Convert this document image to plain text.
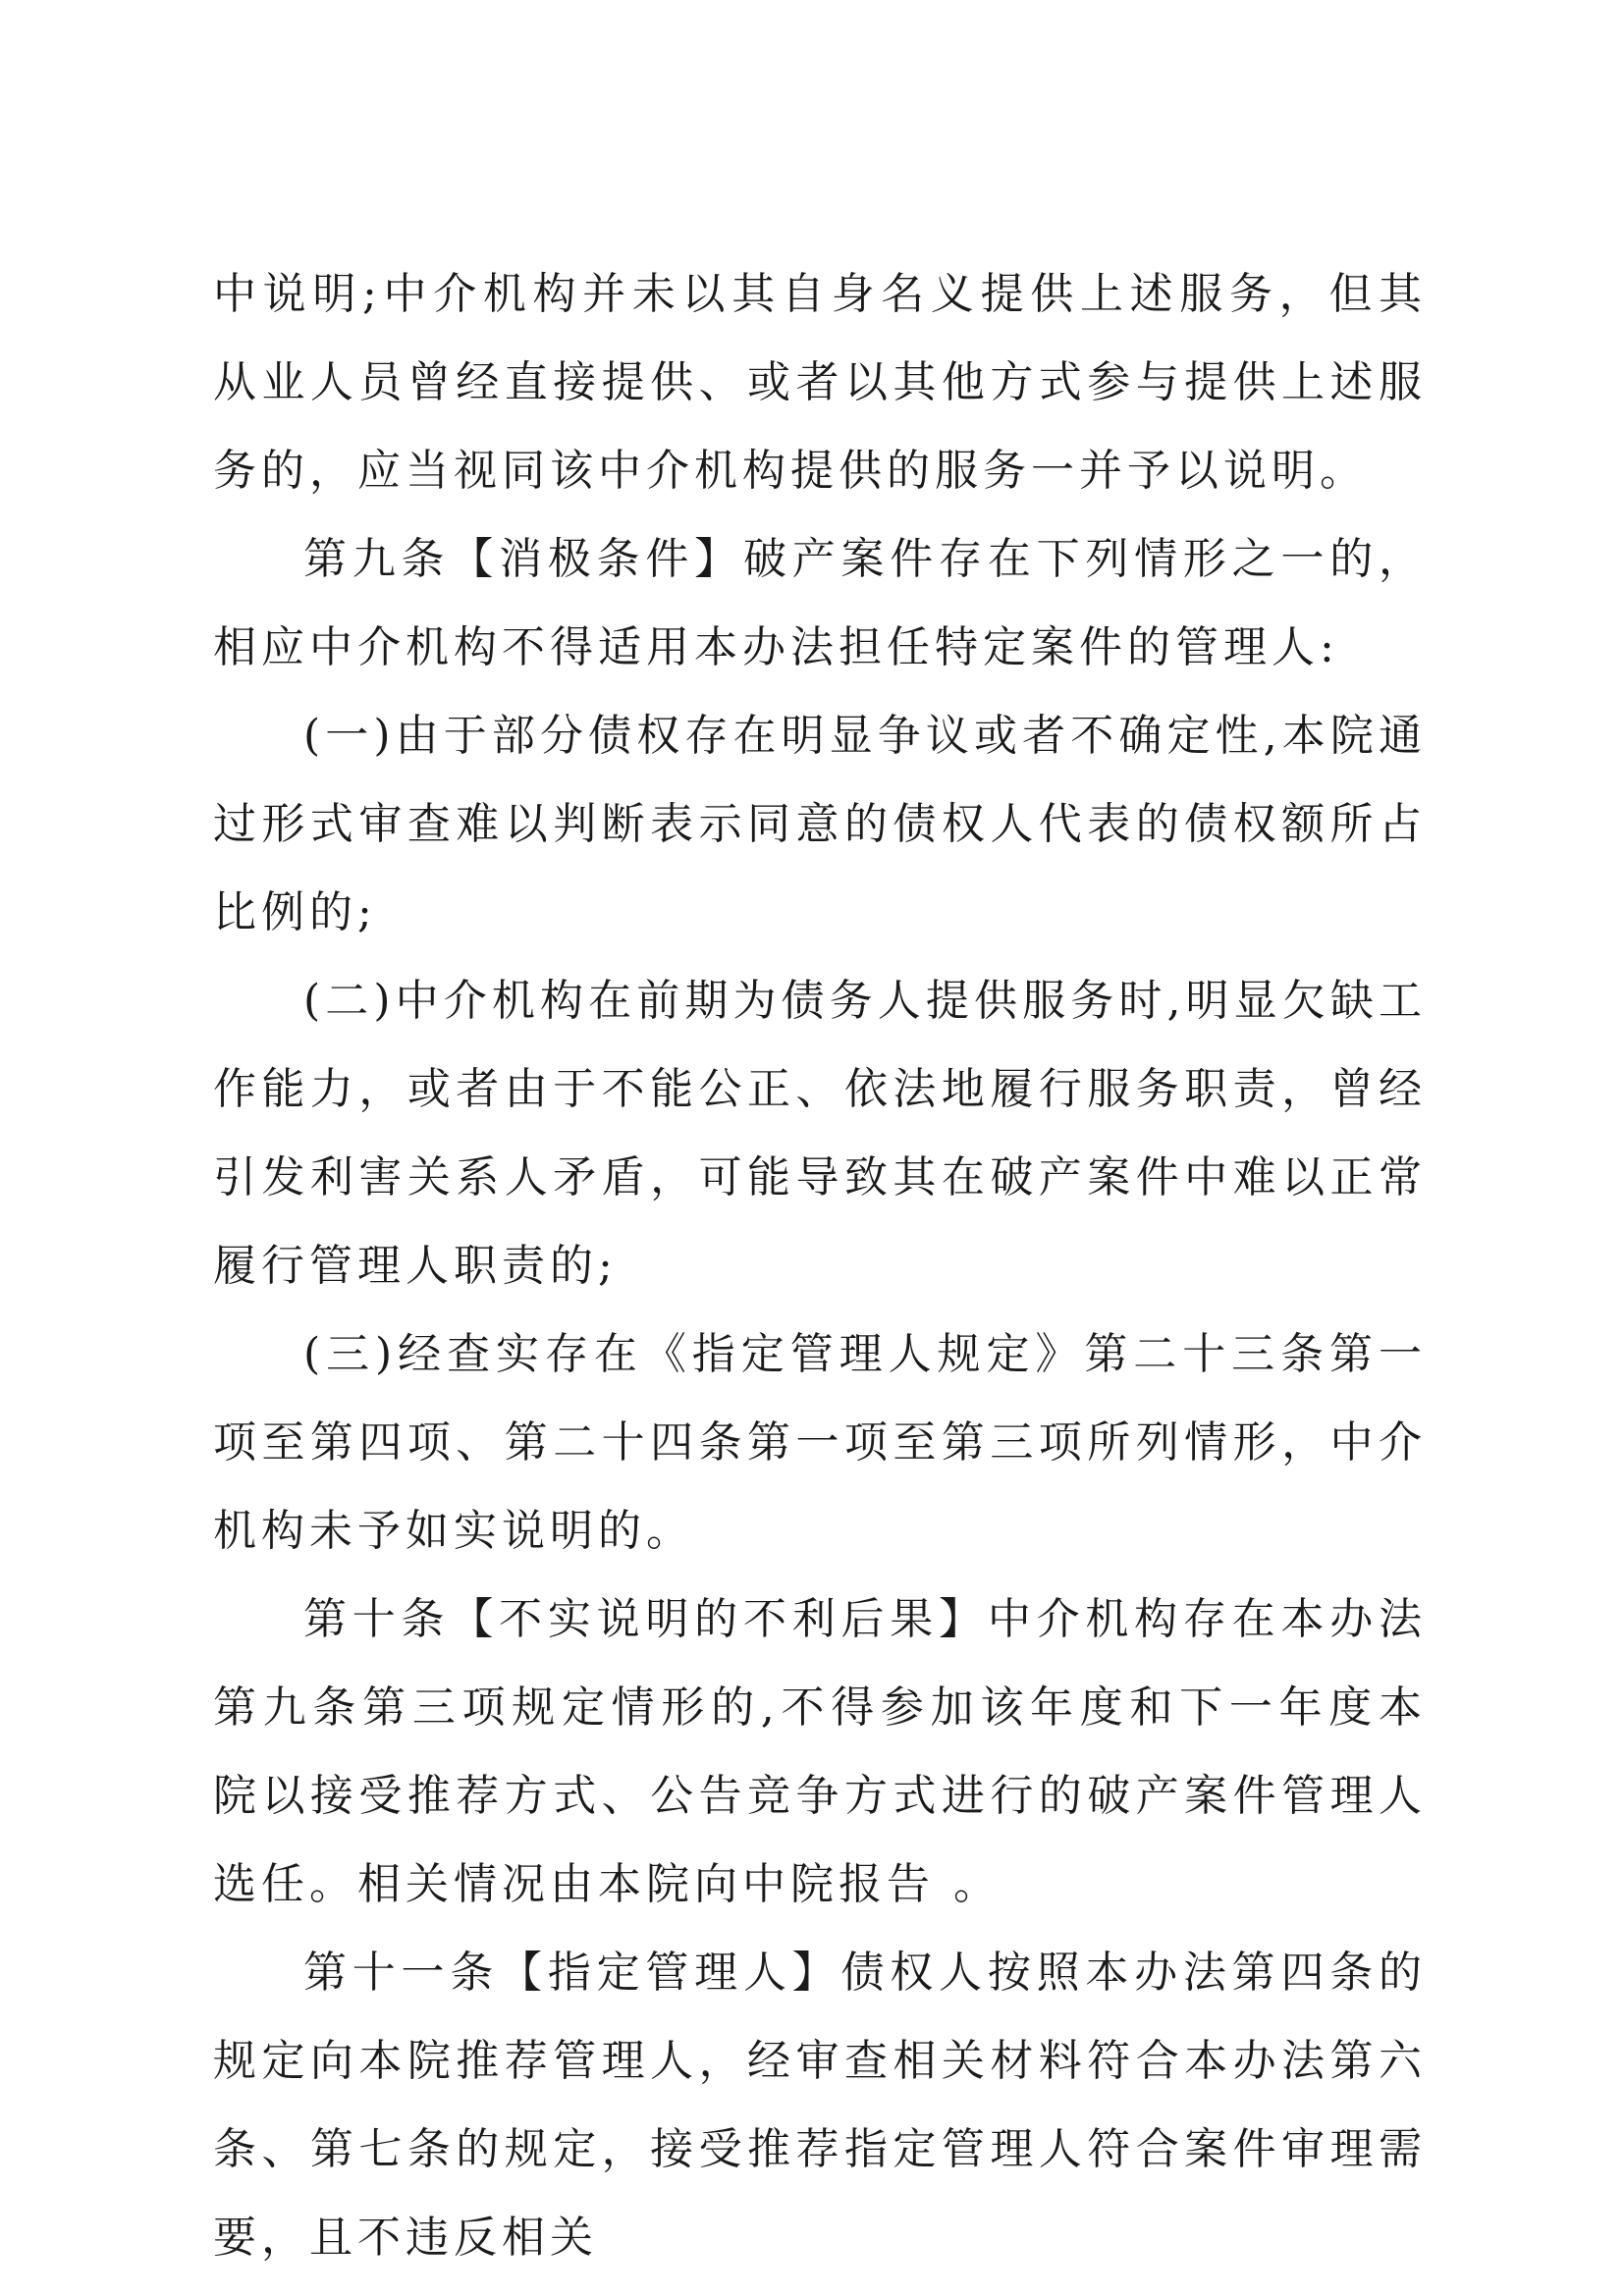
中说明;中介机构并未以其自身名义提供上述服务，但其从业人员曾经直接提供、或者以其他方式参与提供上述服务的，应当视同该中介机构提供的服务一并予以说明。

第九条【消极条件】破产案件存在下列情形之一的，相应中介机构不得适用本办法担任特定案件的管理人:

(一)由于部分债权存在明显争议或者不确定性,本院通过形式审查难以判断表示同意的债权人代表的债权额所占比例的;

(二)中介机构在前期为债务人提供服务时,明显欠缺工作能力，或者由于不能公正、依法地履行服务职责，曾经引发利害关系人矛盾，可能导致其在破产案件中难以正常履行管理人职责的;

(三)经查实存在《指定管理人规定》第二十三条第一项至第四项、第二十四条第一项至第三项所列情形，中介机构未予如实说明的。

第十条【不实说明的不利后果】中介机构存在本办法第九条第三项规定情形的,不得参加该年度和下一年度本院以接受推荐方式、公告竞争方式进行的破产案件管理人选任。相关情况由本院向中院报告 。

第十一条【指定管理人】债权人按照本办法第四条的规定向本院推荐管理人，经审查相关材料符合本办法第六条、第七条的规定，接受推荐指定管理人符合案件审理需要，且不违反相关
